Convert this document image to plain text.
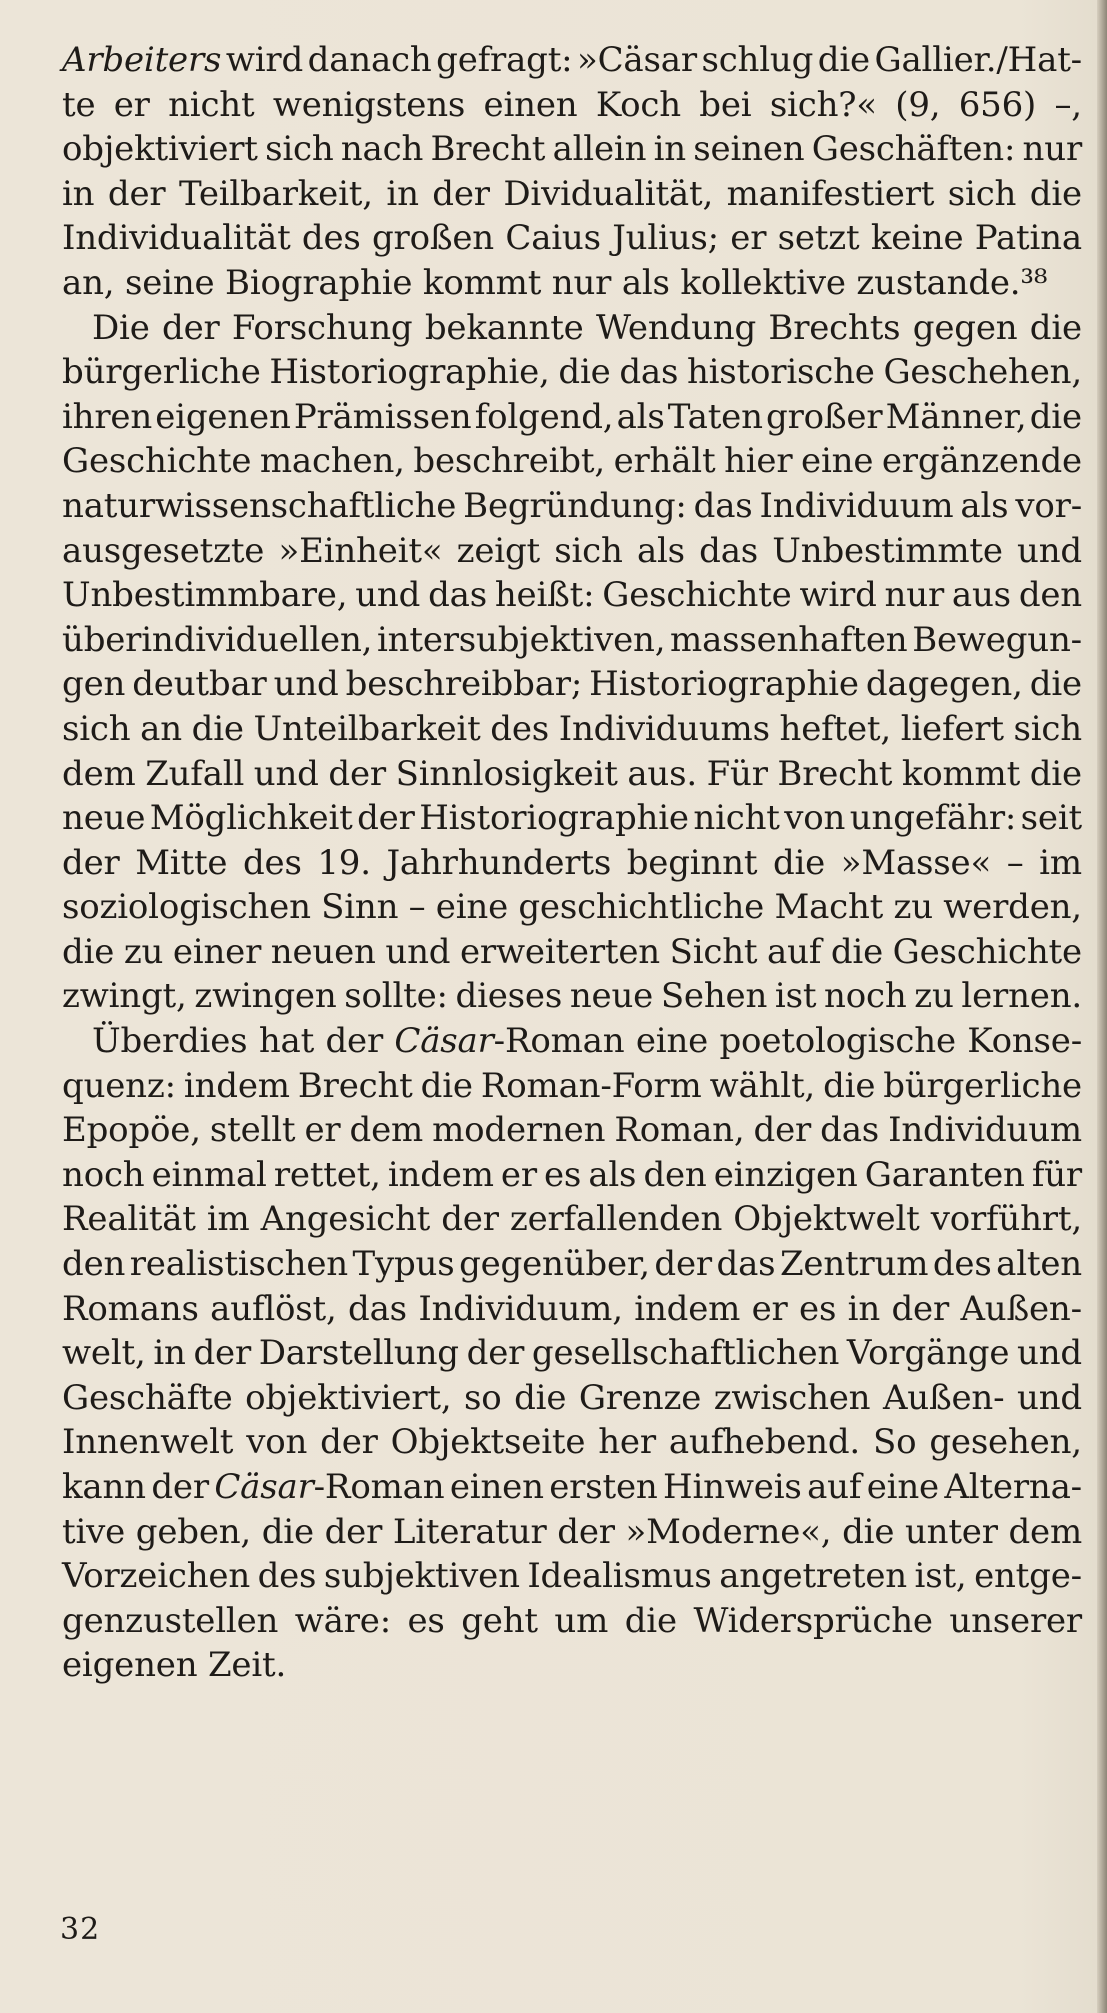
Arbeiters wird danach gefragt: »Cäsar schlug die Gallier./Hat-
te er nicht wenigstens einen Koch bei sich?« (9, 656) –,
objektiviert sich nach Brecht allein in seinen Geschäften: nur
in der Teilbarkeit, in der Dividualität, manifestiert sich die
Individualität des großen Caius Julius; er setzt keine Patina
an, seine Biographie kommt nur als kollektive zustande.³⁸
Die der Forschung bekannte Wendung Brechts gegen die
bürgerliche Historiographie, die das historische Geschehen,
ihren eigenen Prämissen folgend, als Taten großer Männer, die
Geschichte machen, beschreibt, erhält hier eine ergänzende
naturwissenschaftliche Begründung: das Individuum als vor-
ausgesetzte »Einheit« zeigt sich als das Unbestimmte und
Unbestimmbare, und das heißt: Geschichte wird nur aus den
überindividuellen, intersubjektiven, massenhaften Bewegun-
gen deutbar und beschreibbar; Historiographie dagegen, die
sich an die Unteilbarkeit des Individuums heftet, liefert sich
dem Zufall und der Sinnlosigkeit aus. Für Brecht kommt die
neue Möglichkeit der Historiographie nicht von ungefähr: seit
der Mitte des 19. Jahrhunderts beginnt die »Masse« – im
soziologischen Sinn – eine geschichtliche Macht zu werden,
die zu einer neuen und erweiterten Sicht auf die Geschichte
zwingt, zwingen sollte: dieses neue Sehen ist noch zu lernen.
Überdies hat der Cäsar-Roman eine poetologische Konse-
quenz: indem Brecht die Roman-Form wählt, die bürgerliche
Epopöe, stellt er dem modernen Roman, der das Individuum
noch einmal rettet, indem er es als den einzigen Garanten für
Realität im Angesicht der zerfallenden Objektwelt vorführt,
den realistischen Typus gegenüber, der das Zentrum des alten
Romans auflöst, das Individuum, indem er es in der Außen-
welt, in der Darstellung der gesellschaftlichen Vorgänge und
Geschäfte objektiviert, so die Grenze zwischen Außen- und
Innenwelt von der Objektseite her aufhebend. So gesehen,
kann der Cäsar-Roman einen ersten Hinweis auf eine Alterna-
tive geben, die der Literatur der »Moderne«, die unter dem
Vorzeichen des subjektiven Idealismus angetreten ist, entge-
genzustellen wäre: es geht um die Widersprüche unserer
eigenen Zeit.
32
